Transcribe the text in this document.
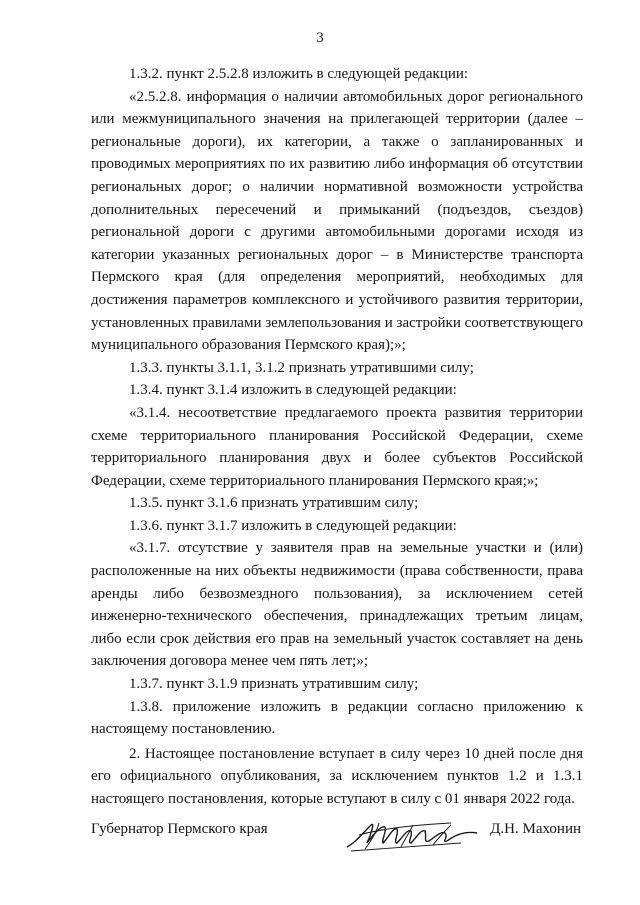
3

1.3.2. пункт 2.5.2.8 изложить в следующей редакции:

«2.5.2.8. информация о наличии автомобильных дорог регионального или межмуниципального значения на прилегающей территории (далее – региональные дороги), их категории, а также о запланированных и проводимых мероприятиях по их развитию либо информация об отсутствии региональных дорог; о наличии нормативной возможности устройства дополнительных пересечений и примыканий (подъездов, съездов) региональной дороги с другими автомобильными дорогами исходя из категории указанных региональных дорог – в Министерстве транспорта Пермского края (для определения мероприятий, необходимых для достижения параметров комплексного и устойчивого развития территории, установленных правилами землепользования и застройки соответствующего муниципального образования Пермского края);»;

1.3.3. пункты 3.1.1, 3.1.2 признать утратившими силу;

1.3.4. пункт 3.1.4 изложить в следующей редакции:

«3.1.4. несоответствие предлагаемого проекта развития территории схеме территориального планирования Российской Федерации, схеме территориального планирования двух и более субъектов Российской Федерации, схеме территориального планирования Пермского края;»;

1.3.5. пункт 3.1.6 признать утратившим силу;

1.3.6. пункт 3.1.7 изложить в следующей редакции:

«3.1.7. отсутствие у заявителя прав на земельные участки и (или) расположенные на них объекты недвижимости (права собственности, права аренды либо безвозмездного пользования), за исключением сетей инженерно-технического обеспечения, принадлежащих третьим лицам, либо если срок действия его прав на земельный участок составляет на день заключения договора менее чем пять лет;»;

1.3.7. пункт 3.1.9 признать утратившим силу;

1.3.8. приложение изложить в редакции согласно приложению к настоящему постановлению.

2. Настоящее постановление вступает в силу через 10 дней после дня его официального опубликования, за исключением пунктов 1.2 и 1.3.1 настоящего постановления, которые вступают в силу с 01 января 2022 года.

Губернатор Пермского края	Д.Н. Махонин
